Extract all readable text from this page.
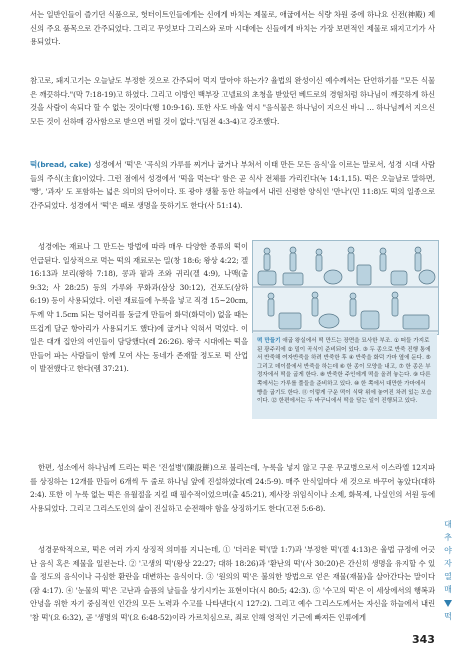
서는 일반인들이 즐기던 식품으로, 헛터이트인들에게는 신에게 바치는 제물로, 애굽에서는 식량 차원 중에 하나요 신전(神殿) 제신의 주요 품목으로 간주되었다. 그리고 무엇보다 그리스와 로마 시대에는 신들에게 바치는 가장 보편적인 제물로 돼지고기가 사용되었다.

참고로, 돼지고기는 오늘날도 부정한 것으로 간주되어 먹지 말아야 하는가? 율법의 완성이신 예수께서는 단언하기를 "모든 식물은 깨끗하다."(막 7:18-19)고 하였다. 그리고 이방인 백부장 고넬료의 초청을 받았던 베드로의 경험처럼 하나님이 깨끗하게 하신 것을 사람이 속되다 할 수 없는 것이다(행 10:9-16). 또한 사도 바울 역시 "음식물은 하나님이 지으신 바니 … 하나님께서 지으신 모든 것이 선하매 감사함으로 받으면 버릴 것이 없다."(딤전 4:3-4)고 강조했다.

떡(bread, cake) 성경에서 '떡'은 '곡식의 가루를 찌거나 굽거나 부쳐서 이태 만든 모든 음식'을 이르는 말로서, 성경 시대 사람들의 주식(主食)이었다. 그런 점에서 성경에서 '떡을 먹는다' 함은 곧 식사 전체를 가리킨다(눅 14:1,15). 떡은 오늘날로 말하면, '빵', '과자' 도 포함하는 넓은 의미의 단어이다. 또 광야 생활 동안 하늘에서 내린 신령한 양식인 '만나'(민 11:8)도 떡의 일종으로 간주되었다. 성경에서 '떡'은 때로 생명을 뜻하기도 한다(사 51:14).

성경에는 재료나 그 만드는 방법에 따라 매우 다양한 종류의 떡이 언급된다. 일상적으로 먹는 떡의 재료로는 밀(창 18:6; 왕상 4:22; 겔 16:13과 보리(왕하 7:18), 콩과 팥과 조와 귀리(겔 4:9), 나맥(출 9:32; 사 28:25) 등의 가루와 무화과(삼상 30:12), 건포도(삼하 6:19) 등이 사용되었다. 이런 재료들에 누룩을 넣고 직경 15~20cm, 두께 약 1.5cm 되는 덩어리를 둥글게 만들어 화덕(화덕이) 없을 때는 뜨겁게 달군 항아리가 사용되기도 했다)에 굽거나 익혀서 먹었다. 이 일은 대개 집안의 여인들이 담당했다(레 26:26). 왕국 시대에는 떡을 만들어 파는 사람들이 함께 모여 사는 동네가 존재할 정도로 떡 산업이 발전했다고 한다(렘 37:21).

한편, 성소에서 하나님께 드리는 떡은 '진설병'(陳設餅)으로 불리는데, 누룩을 넣지 않고 구운 무교병으로서 이스라엘 12지파를 상징하는 12개를 만들어 6개씩 두 줄로 하나님 앞에 진설하였다(레 24:5-9). 매주 안식일마다 새 것으로 바꾸어 놓았다(대하 2:4). 또한 이 누룩 없는 떡은 유월절을 지킬 때 필수적이었으며(출 45:21), 제사장 위임식이나 소제, 화목제, 나실인의 서원 등에 사용되었다. 그리고 그리스도인의 삶이 진실하고 순전해야 함을 상징하기도 한다(고전 5:6-8).

성경문학적으로, 떡은 여러 가지 상징적 의미를 지니는데, ① '더러운 떡'(말 1:7)과 '부정한 떡'(겔 4:13)은 율법 규정에 어긋난 음식 혹은 제물을 일컫는다. ② '고생의 떡'(왕상 22:27; 대하 18:26)과 '환난의 떡'(사 30:20)은 간신히 생명을 유지할 수 있을 정도의 음식이나 극심한 환란을 대변하는 음식이다. ③ '원의의 떡'은 불의한 방법으로 얻은 재물(재물)을 살아간다는 말이다(잠 4:17). ④ '눈물의 떡'은 고난과 슬픔의 날들을 상기시키는 표현이다(시 80:5; 42:3). ⑤ '수고의 떡'은 이 세상에서의 행복과 안녕을 위한 자기 중심적인 인간의 모든 노력과 수고를 나타낸다(시 127:2). 그리고 예수 그리스도께서는 자신을 하늘에서 내린 '참 떡'(요 6:32), 곧 '생명의 떡'(요 6:48-52)이라 가르치심으로, 죄로 인해 영적인 기근에 빠져든 인류에게

떡 만들기 애굽 왕실에서 떡 만드는 장면을 묘사한 부조. ① 떠들 가지로 된 광주리에 ② 밀이 곡식이 준비되어 있다. ③ 두 종으로 반죽 진행 통에서 반죽해 여자반죽을 하려 반죽한 후 ④ 반죽을 화덕 가마 옆에 둔다. ⑤ 그리고 데이블에서 반죽을 하는데 ⑥ 한 종이 모양을 내고, ⑦ 한 종은 부정자에서 떡을 굽게 한다. ⑧ 반죽한 주인에게 떡을 올려 놓는다. ⑨ 다른 쪽에서는 가루를 풀들을 준비하고 있다. ⑩ 한 쪽에서 대만한 가마에서 빵을 굽기도 한다. ⑪ 이렇게 구운 떡이 식탁 위에 놓여진 차려 있는 모습이다. ⑫ 한편에서는 두 바구니에서 떡을 담는 일이 진행되고 있다.
대
추
야
자
열
매
떡
343
